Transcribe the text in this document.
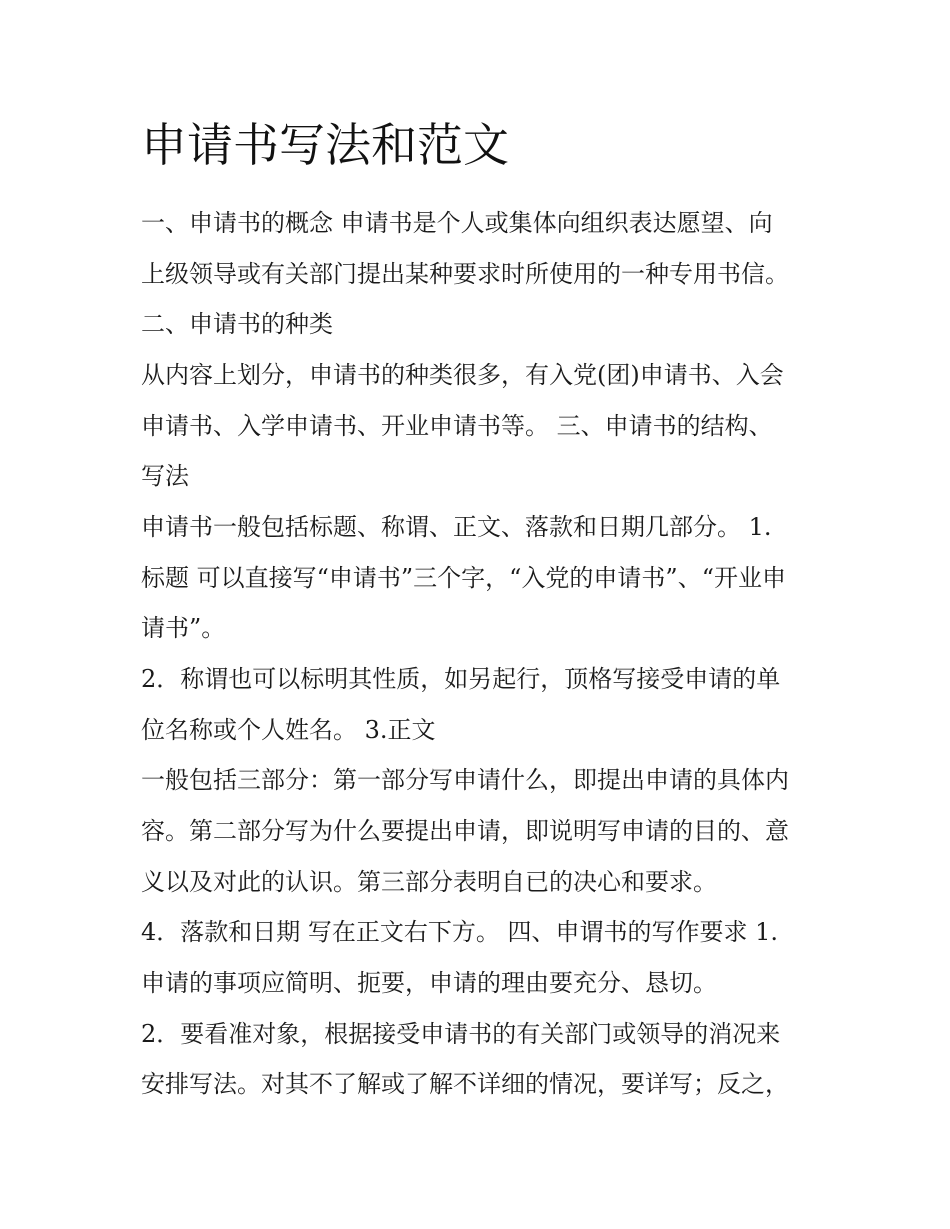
申请书写法和范文

一、申请书的概念 申请书是个人或集体向组织表达愿望、向

上级领导或有关部门提出某种要求时所使用的一种专用书信。

二、申请书的种类

从内容上划分，申请书的种类很多，有入党(团)申请书、入会

申请书、入学申请书、开业申请书等。 三、申请书的结构、

写法

申请书一般包括标题、称谓、正文、落款和日期几部分。 1.

标题 可以直接写“申请书”三个字，“入党的申请书”、“开业申

请书”。

2．称谓也可以标明其性质，如另起行，顶格写接受申请的单

位名称或个人姓名。 3.正文

一般包括三部分：第一部分写申请什么，即提出申请的具体内

容。第二部分写为什么要提出申请，即说明写申请的目的、意

义以及对此的认识。第三部分表明自已的决心和要求。

4．落款和日期 写在正文右下方。 四、申谓书的写作要求 1.

申请的事项应简明、扼要，申请的理由要充分、恳切。

2．要看准对象，根据接受申请书的有关部门或领导的消况来

安排写法。对其不了解或了解不详细的情况，要详写；反之，
